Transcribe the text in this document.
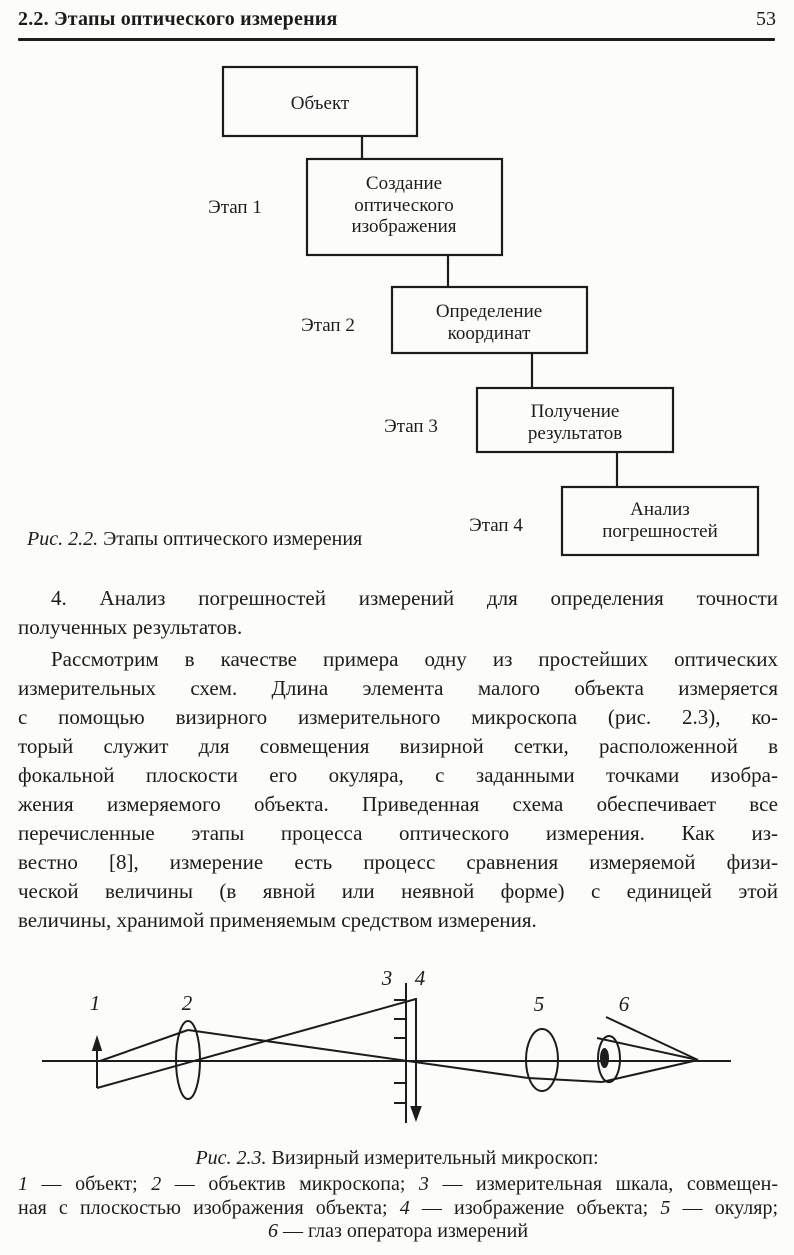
2.2. Этапы оптического измерения	53
Объект
Создание
оптического
изображения
Определение
координат
Получение
результатов
Анализ
погрешностей
Этап 1
Этап 2
Этап 3
Этап 4
1	2
3 4
5	6
Рис. 2.2. Этапы оптического измерения
4. Анализ погрешностей измерений для определения точности
полученных результатов.
Рассмотрим в качестве примера одну из простейших оптических
измерительных схем. Длина элемента малого объекта измеряется
с помощью визирного измерительного микроскопа (рис. 2.3), ко-
торый служит для совмещения визирной сетки, расположенной в
фокальной плоскости его окуляра, с заданными точками изобра-
жения измеряемого объекта. Приведенная схема обеспечивает все
перечисленные этапы процесса оптического измерения. Как из-
вестно [8], измерение есть процесс сравнения измеряемой физи-
ческой величины (в явной или неявной форме) с единицей этой
величины, хранимой применяемым средством измерения.
Рис. 2.3. Визирный измерительный микроскоп:
1 — объект; 2 — объектив микроскопа; 3 — измерительная шкала, совмещен-
ная с плоскостью изображения объекта; 4 — изображение объекта; 5 — окуляр;
6 — глаз оператора измерений
